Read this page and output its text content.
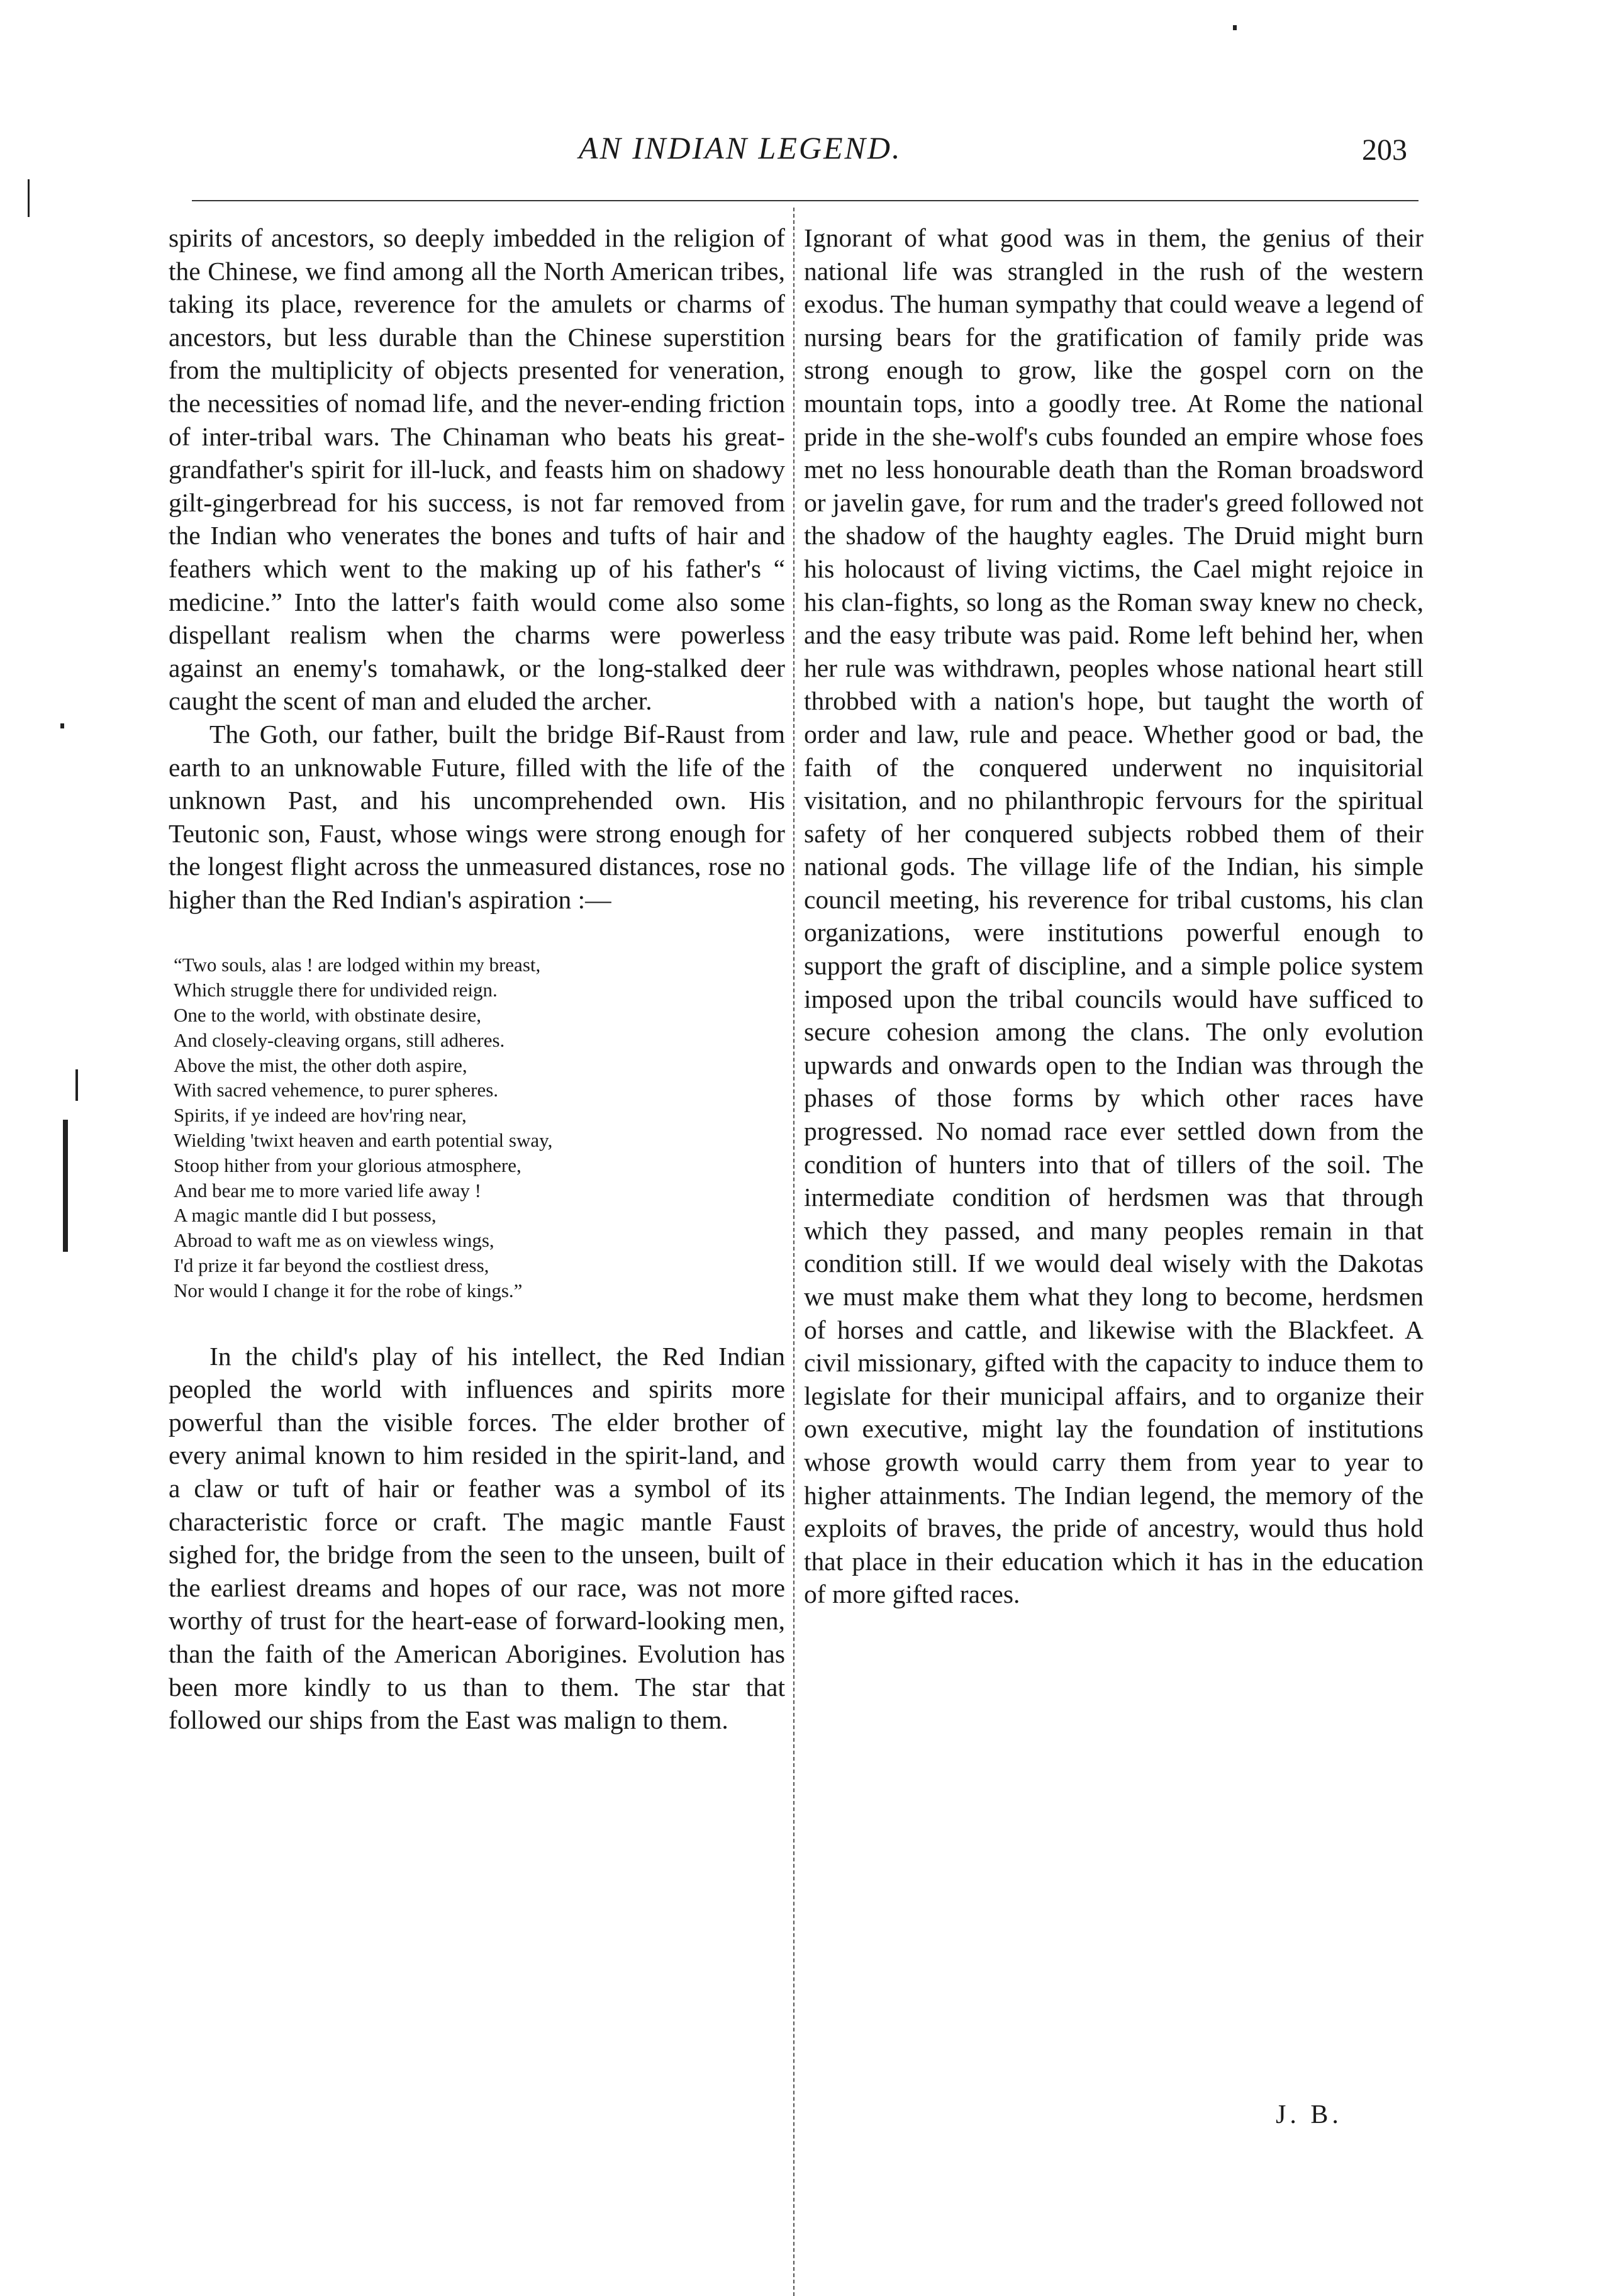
AN INDIAN LEGEND.	203

spirits of ancestors, so deeply imbedded in the religion of the Chinese, we find among all the North American tribes, taking its place, reverence for the amulets or charms of ancestors, but less durable than the Chinese superstition from the multiplicity of objects presented for veneration, the necessities of nomad life, and the never-ending friction of inter-tribal wars. The Chinaman who beats his great-grandfather's spirit for ill-luck, and feasts him on shadowy gilt-gingerbread for his success, is not far removed from the Indian who venerates the bones and tufts of hair and feathers which went to the making up of his father's “ medicine.” Into the latter's faith would come also some dispellant realism when the charms were powerless against an enemy's tomahawk, or the long-stalked deer caught the scent of man and eluded the archer.

The Goth, our father, built the bridge Bif-Raust from earth to an unknowable Future, filled with the life of the unknown Past, and his uncomprehended own. His Teutonic son, Faust, whose wings were strong enough for the longest flight across the unmeasured distances, rose no higher than the Red Indian's aspiration :—

“Two souls, alas ! are lodged within my breast,
Which struggle there for undivided reign.
One to the world, with obstinate desire,
And closely-cleaving organs, still adheres.
Above the mist, the other doth aspire,
With sacred vehemence, to purer spheres.
Spirits, if ye indeed are hov'ring near,
Wielding 'twixt heaven and earth potential sway,
Stoop hither from your glorious atmosphere,
And bear me to more varied life away !
A magic mantle did I but possess,
Abroad to waft me as on viewless wings,
I'd prize it far beyond the costliest dress,
Nor would I change it for the robe of kings.”

In the child's play of his intellect, the Red Indian peopled the world with influences and spirits more powerful than the visible forces. The elder brother of every animal known to him resided in the spirit-land, and a claw or tuft of hair or feather was a symbol of its characteristic force or craft. The magic mantle Faust sighed for, the bridge from the seen to the unseen, built of the earliest dreams and hopes of our race, was not more worthy of trust for the heart-ease of forward-looking men, than the faith of the American Aborigines. Evolution has been more kindly to us than to them. The star that followed our ships from the East was malign to them.

Ignorant of what good was in them, the genius of their national life was strangled in the rush of the western exodus. The human sympathy that could weave a legend of nursing bears for the gratification of family pride was strong enough to grow, like the gospel corn on the mountain tops, into a goodly tree. At Rome the national pride in the she-wolf's cubs founded an empire whose foes met no less honourable death than the Roman broadsword or javelin gave, for rum and the trader's greed followed not the shadow of the haughty eagles. The Druid might burn his holocaust of living victims, the Cael might rejoice in his clan-fights, so long as the Roman sway knew no check, and the easy tribute was paid. Rome left behind her, when her rule was withdrawn, peoples whose national heart still throbbed with a nation's hope, but taught the worth of order and law, rule and peace. Whether good or bad, the faith of the conquered underwent no inquisitorial visitation, and no philanthropic fervours for the spiritual safety of her conquered subjects robbed them of their national gods. The village life of the Indian, his simple council meeting, his reverence for tribal customs, his clan organizations, were institutions powerful enough to support the graft of discipline, and a simple police system imposed upon the tribal councils would have sufficed to secure cohesion among the clans. The only evolution upwards and onwards open to the Indian was through the phases of those forms by which other races have progressed. No nomad race ever settled down from the condition of hunters into that of tillers of the soil. The intermediate condition of herdsmen was that through which they passed, and many peoples remain in that condition still. If we would deal wisely with the Dakotas we must make them what they long to become, herdsmen of horses and cattle, and likewise with the Blackfeet. A civil missionary, gifted with the capacity to induce them to legislate for their municipal affairs, and to organize their own executive, might lay the foundation of institutions whose growth would carry them from year to year to higher attainments. The Indian legend, the memory of the exploits of braves, the pride of ancestry, would thus hold that place in their education which it has in the education of more gifted races.

J. B.
